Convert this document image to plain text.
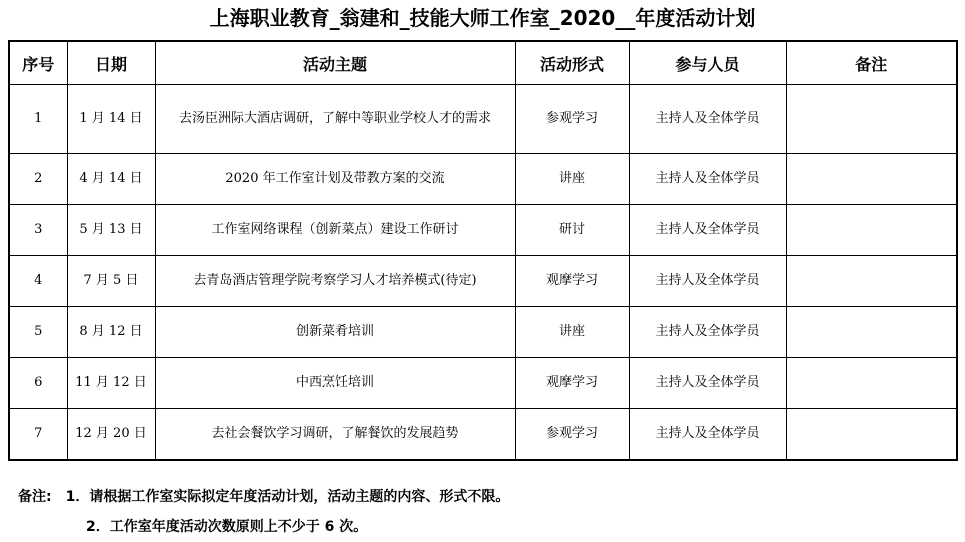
上海职业教育_翁建和_技能大师工作室_2020__年度活动计划
序号	日期	活动主题	活动形式	参与人员	备注
1	1 月 14 日	去汤臣洲际大酒店调研，了解中等职业学校人才的需求	参观学习	主持人及全体学员	
2	4 月 14 日	2020 年工作室计划及带教方案的交流	讲座	主持人及全体学员	
3	5 月 13 日	工作室网络课程（创新菜点）建设工作研讨	研讨	主持人及全体学员	
4	7 月 5 日	去青岛酒店管理学院考察学习人才培养模式(待定)	观摩学习	主持人及全体学员	
5	8 月 12 日	创新菜肴培训	讲座	主持人及全体学员	
6	11 月 12 日	中西烹饪培训	观摩学习	主持人及全体学员	
7	12 月 20 日	去社会餐饮学习调研，了解餐饮的发展趋势	参观学习	主持人及全体学员	
备注: 1．请根据工作室实际拟定年度活动计划，活动主题的内容、形式不限。
2．工作室年度活动次数原则上不少于 6 次。
